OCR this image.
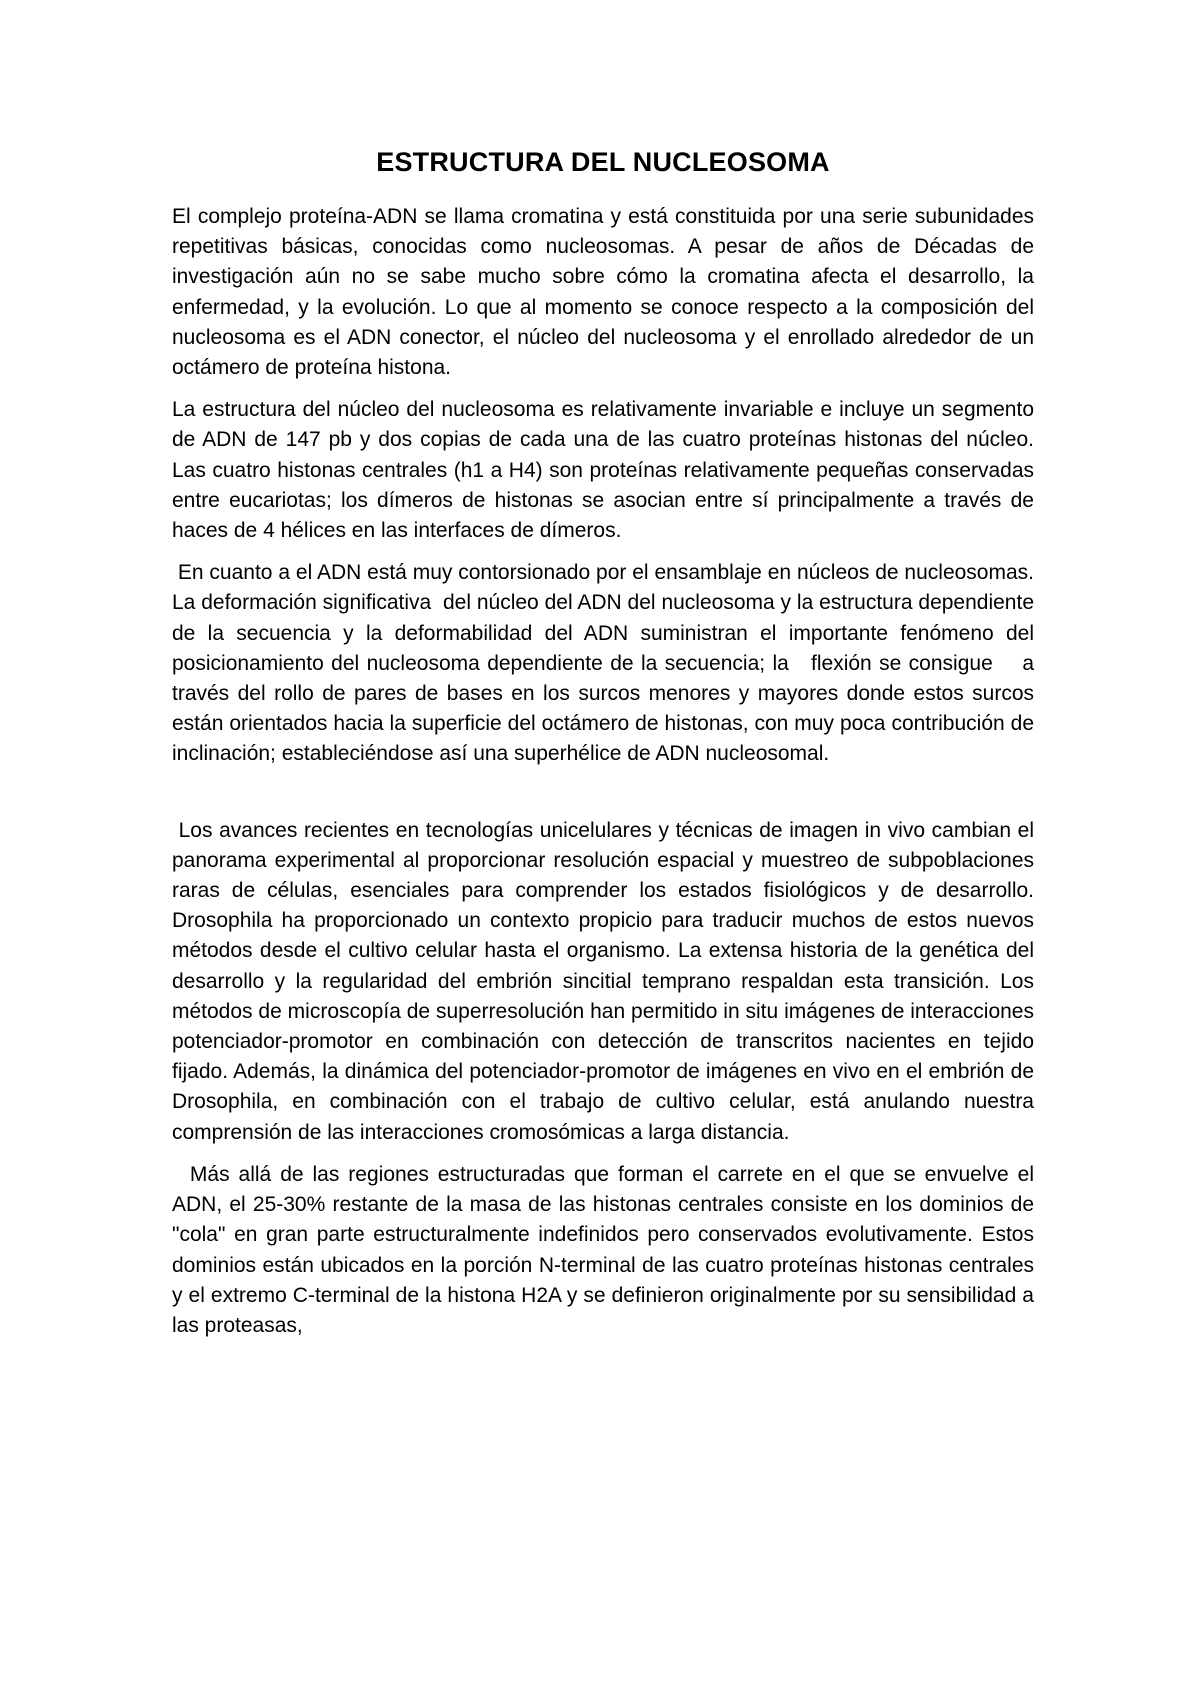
ESTRUCTURA DEL NUCLEOSOMA

El complejo proteína-ADN se llama cromatina y está constituida por una serie subunidades repetitivas básicas, conocidas como nucleosomas. A pesar de años de Décadas de investigación aún no se sabe mucho sobre cómo la cromatina afecta el desarrollo, la enfermedad, y la evolución. Lo que al momento se conoce respecto a la composición del nucleosoma es el ADN conector, el núcleo del nucleosoma y el enrollado alrededor de un octámero de proteína histona.

La estructura del núcleo del nucleosoma es relativamente invariable e incluye un segmento de ADN de 147 pb y dos copias de cada una de las cuatro proteínas histonas del núcleo.  Las cuatro histonas centrales (h1 a H4) son proteínas relativamente pequeñas conservadas entre eucariotas; los dímeros de histonas se asocian entre sí principalmente a través de haces de 4 hélices en las interfaces de dímeros.

En cuanto a el ADN está muy contorsionado por el ensamblaje en núcleos de nucleosomas.  La deformación significativa  del núcleo del ADN del nucleosoma y la estructura dependiente de la secuencia y la deformabilidad del ADN suministran el importante fenómeno del posicionamiento del nucleosoma dependiente de la secuencia; la   flexión se consigue    a través del rollo de pares de bases en los surcos menores y mayores donde estos surcos están orientados hacia la superficie del octámero de histonas, con muy poca contribución de inclinación; estableciéndose así una superhélice de ADN nucleosomal.

Los avances recientes en tecnologías unicelulares y técnicas de imagen in vivo cambian el panorama experimental al proporcionar resolución espacial y muestreo de subpoblaciones raras de células, esenciales para comprender los estados fisiológicos y de desarrollo. Drosophila ha proporcionado un contexto propicio para traducir muchos de estos nuevos métodos desde el cultivo celular hasta el organismo. La extensa historia de la genética del desarrollo y la regularidad del embrión sincitial temprano respaldan esta transición. Los métodos de microscopía de superresolución han permitido in situ imágenes de interacciones potenciador-promotor en combinación con detección de transcritos nacientes en tejido fijado. Además, la dinámica del potenciador-promotor de imágenes en vivo en el embrión de Drosophila, en combinación con el trabajo de cultivo celular, está anulando nuestra comprensión de las interacciones cromosómicas a larga distancia.

Más allá de las regiones estructuradas que forman el carrete en el que se envuelve el ADN, el 25-30% restante de la masa de las histonas centrales consiste en los dominios de "cola" en gran parte estructuralmente indefinidos pero conservados evolutivamente. Estos dominios están ubicados en la porción N-terminal de las cuatro proteínas histonas centrales y el extremo C-terminal de la histona H2A y se definieron originalmente por su sensibilidad a las proteasas,
